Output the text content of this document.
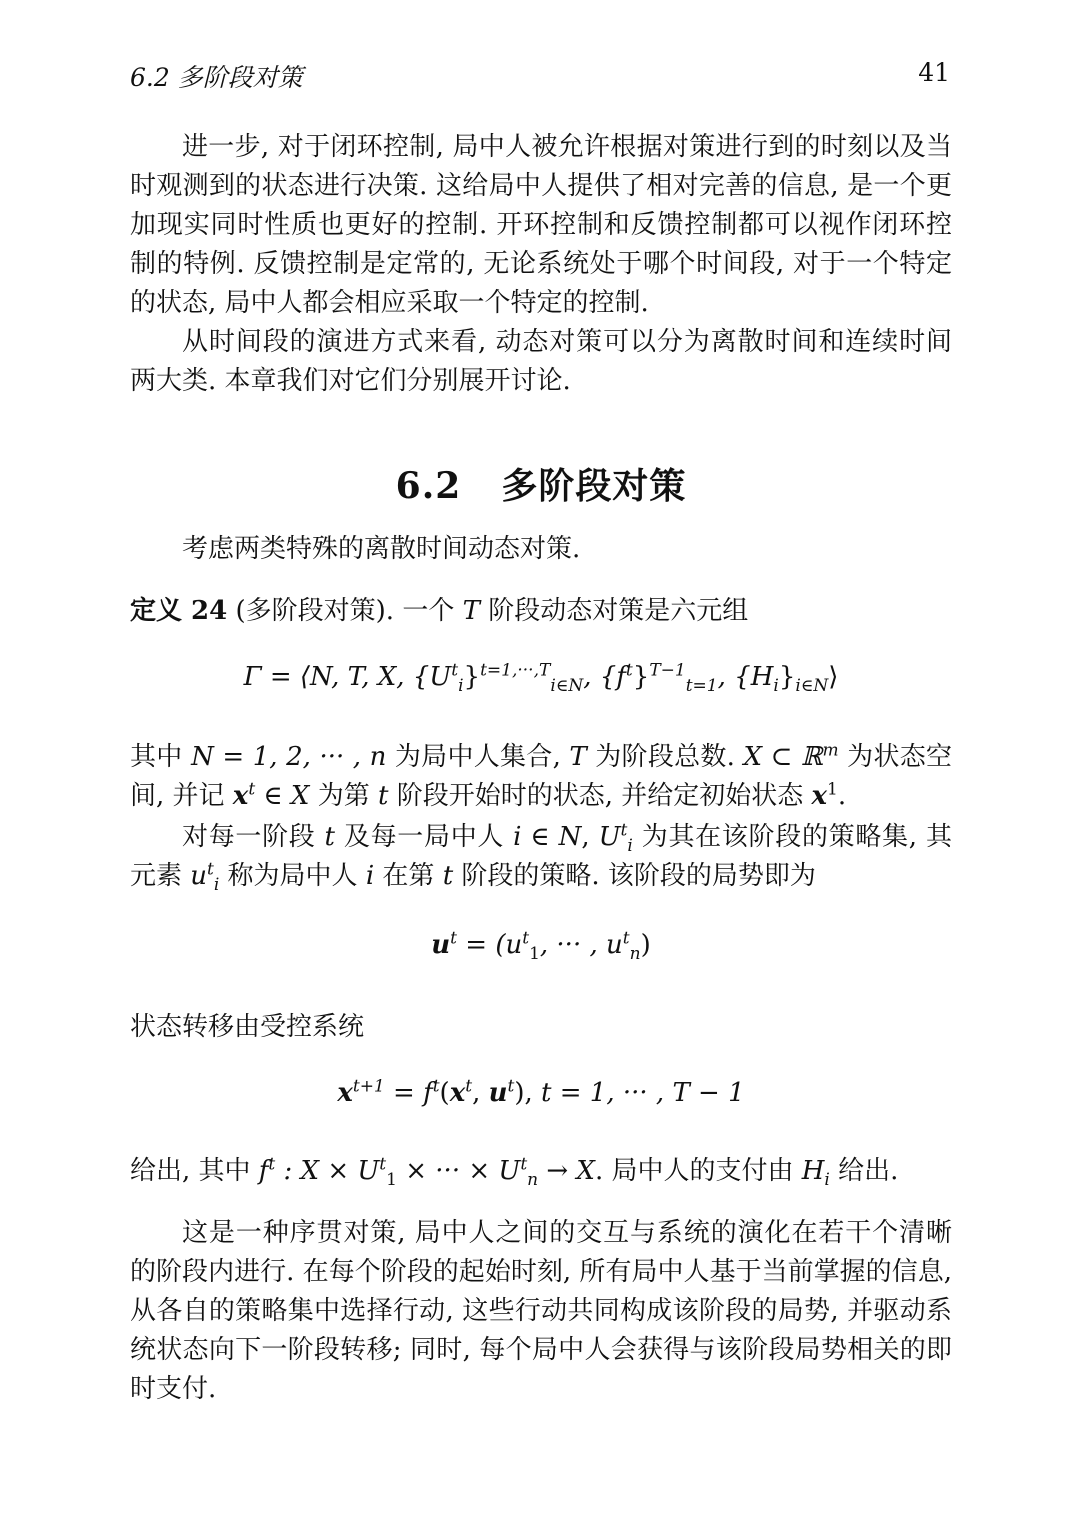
6.2 多阶段对策	41

进一步, 对于闭环控制, 局中人被允许根据对策进行到的时刻以及当时观测到的状态进行决策. 这给局中人提供了相对完善的信息, 是一个更加现实同时性质也更好的控制. 开环控制和反馈控制都可以视作闭环控制的特例. 反馈控制是定常的, 无论系统处于哪个时间段, 对于一个特定的状态, 局中人都会相应采取一个特定的控制.

从时间段的演进方式来看, 动态对策可以分为离散时间和连续时间两大类. 本章我们对它们分别展开讨论.

6.2 多阶段对策

考虑两类特殊的离散时间动态对策.

定义 24 (多阶段对策). 一个 T 阶段动态对策是六元组

Γ = ⟨N, T, X, $\{U^t_i\}^{t=1,\cdot\cdot\cdot,T}_{i\in N}$, $\{f^t\}^{T-1}_{t=1}$, $\{H_i\}_{i\in N}⟩$

其中 N = 1, 2, ··· , n 为局中人集合, T 为阶段总数. X ⊂ ℝ$^m$ 为状态空间, 并记 $x^t$ ∈ X 为第 t 阶段开始时的状态, 并给定初始状态 $x^1$.

对每一阶段 t 及每一局中人 i ∈ N, $U^t_i$ 为其在该阶段的策略集, 其元素 $u^t_i$ 称为局中人 i 在第 t 阶段的策略. 该阶段的局势即为

$u^t = (u^t_1$, ··· , $u^t_n$)

状态转移由受控系统

$x^{t+1} = f^t(x^t$, $u^t$), t = 1, ··· , T − 1

给出, 其中 $f^t$ : $X \times U^t_1$ × ··· × $U^t_n \to X$. 局中人的支付由 $H_i$ 给出.

这是一种序贯对策, 局中人之间的交互与系统的演化在若干个清晰的阶段内进行. 在每个阶段的起始时刻, 所有局中人基于当前掌握的信息, 从各自的策略集中选择行动, 这些行动共同构成该阶段的局势, 并驱动系统状态向下一阶段转移; 同时, 每个局中人会获得与该阶段局势相关的即时支付.
